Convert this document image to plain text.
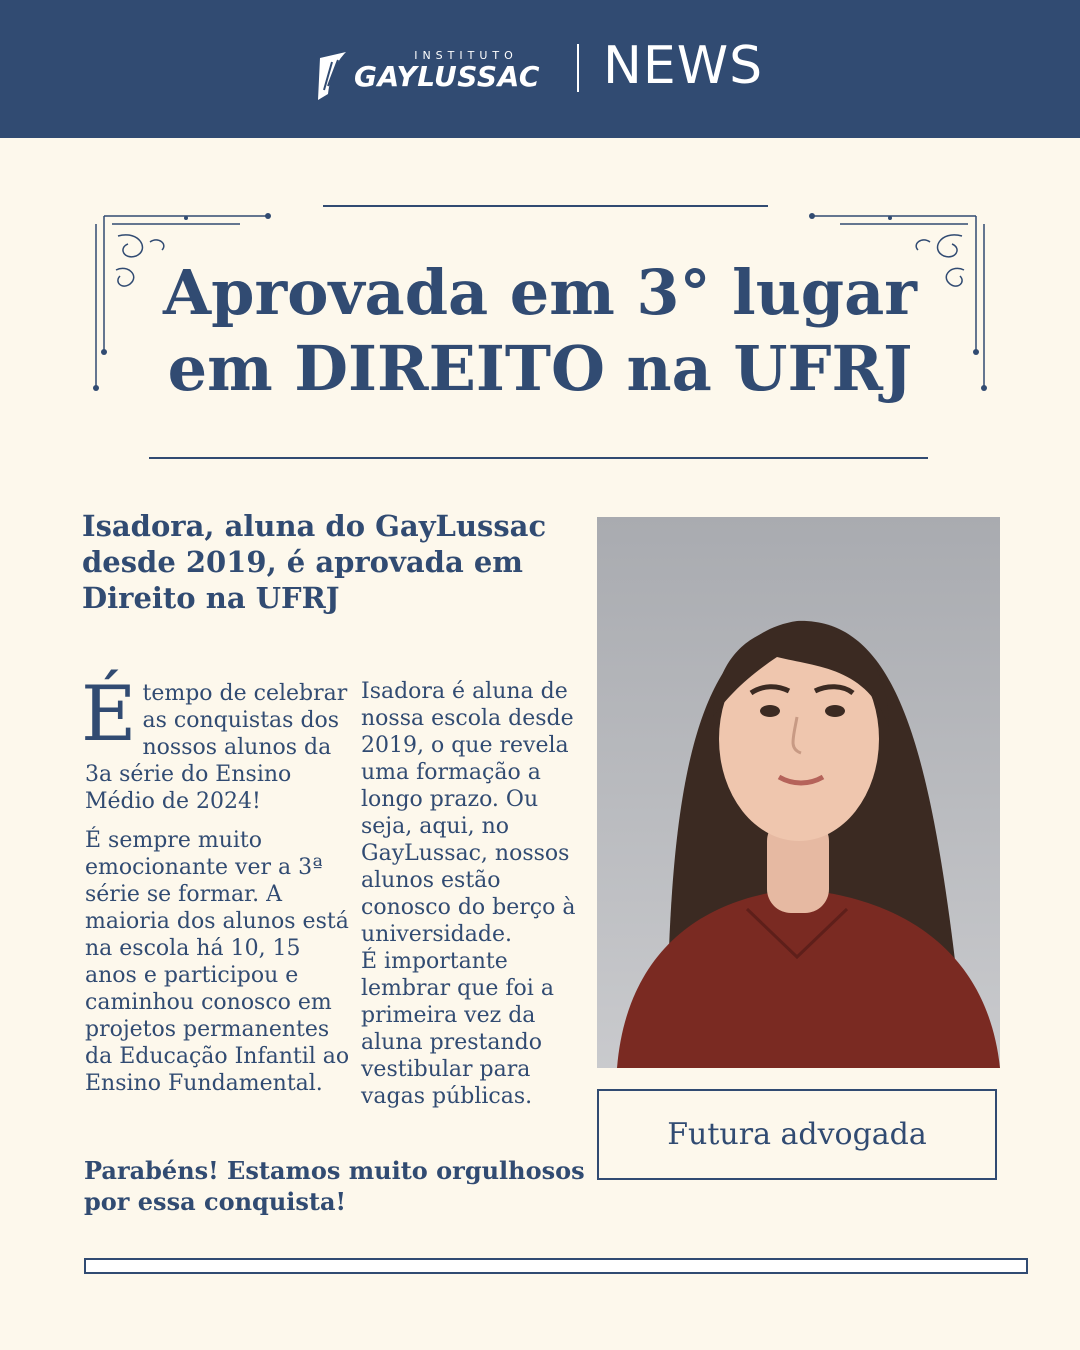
INSTITUTO
GAYLUSSAC NEWS
Aprovada em 3° lugar
em DIREITO na UFRJ
Isadora, aluna do GayLussac desde 2019, é aprovada em Direito na UFRJ

Étempo de celebrar as conquistas dos nossos alunos da 3a série do Ensino Médio de 2024!

É sempre muito emocionante ver a 3ª série se formar. A maioria dos alunos está na escola há 10, 15 anos e participou e caminhou conosco em projetos permanentes da Educação Infantil ao Ensino Fundamental.

Isadora é aluna de nossa escola desde 2019, o que revela uma formação a longo prazo. Ou seja, aqui, no GayLussac, nossos alunos estão conosco do berço à universidade.

É importante lembrar que foi a primeira vez da aluna prestando vestibular para vagas públicas.

Parabéns! Estamos muito orgulhosos por essa conquista!
Futura advogada
